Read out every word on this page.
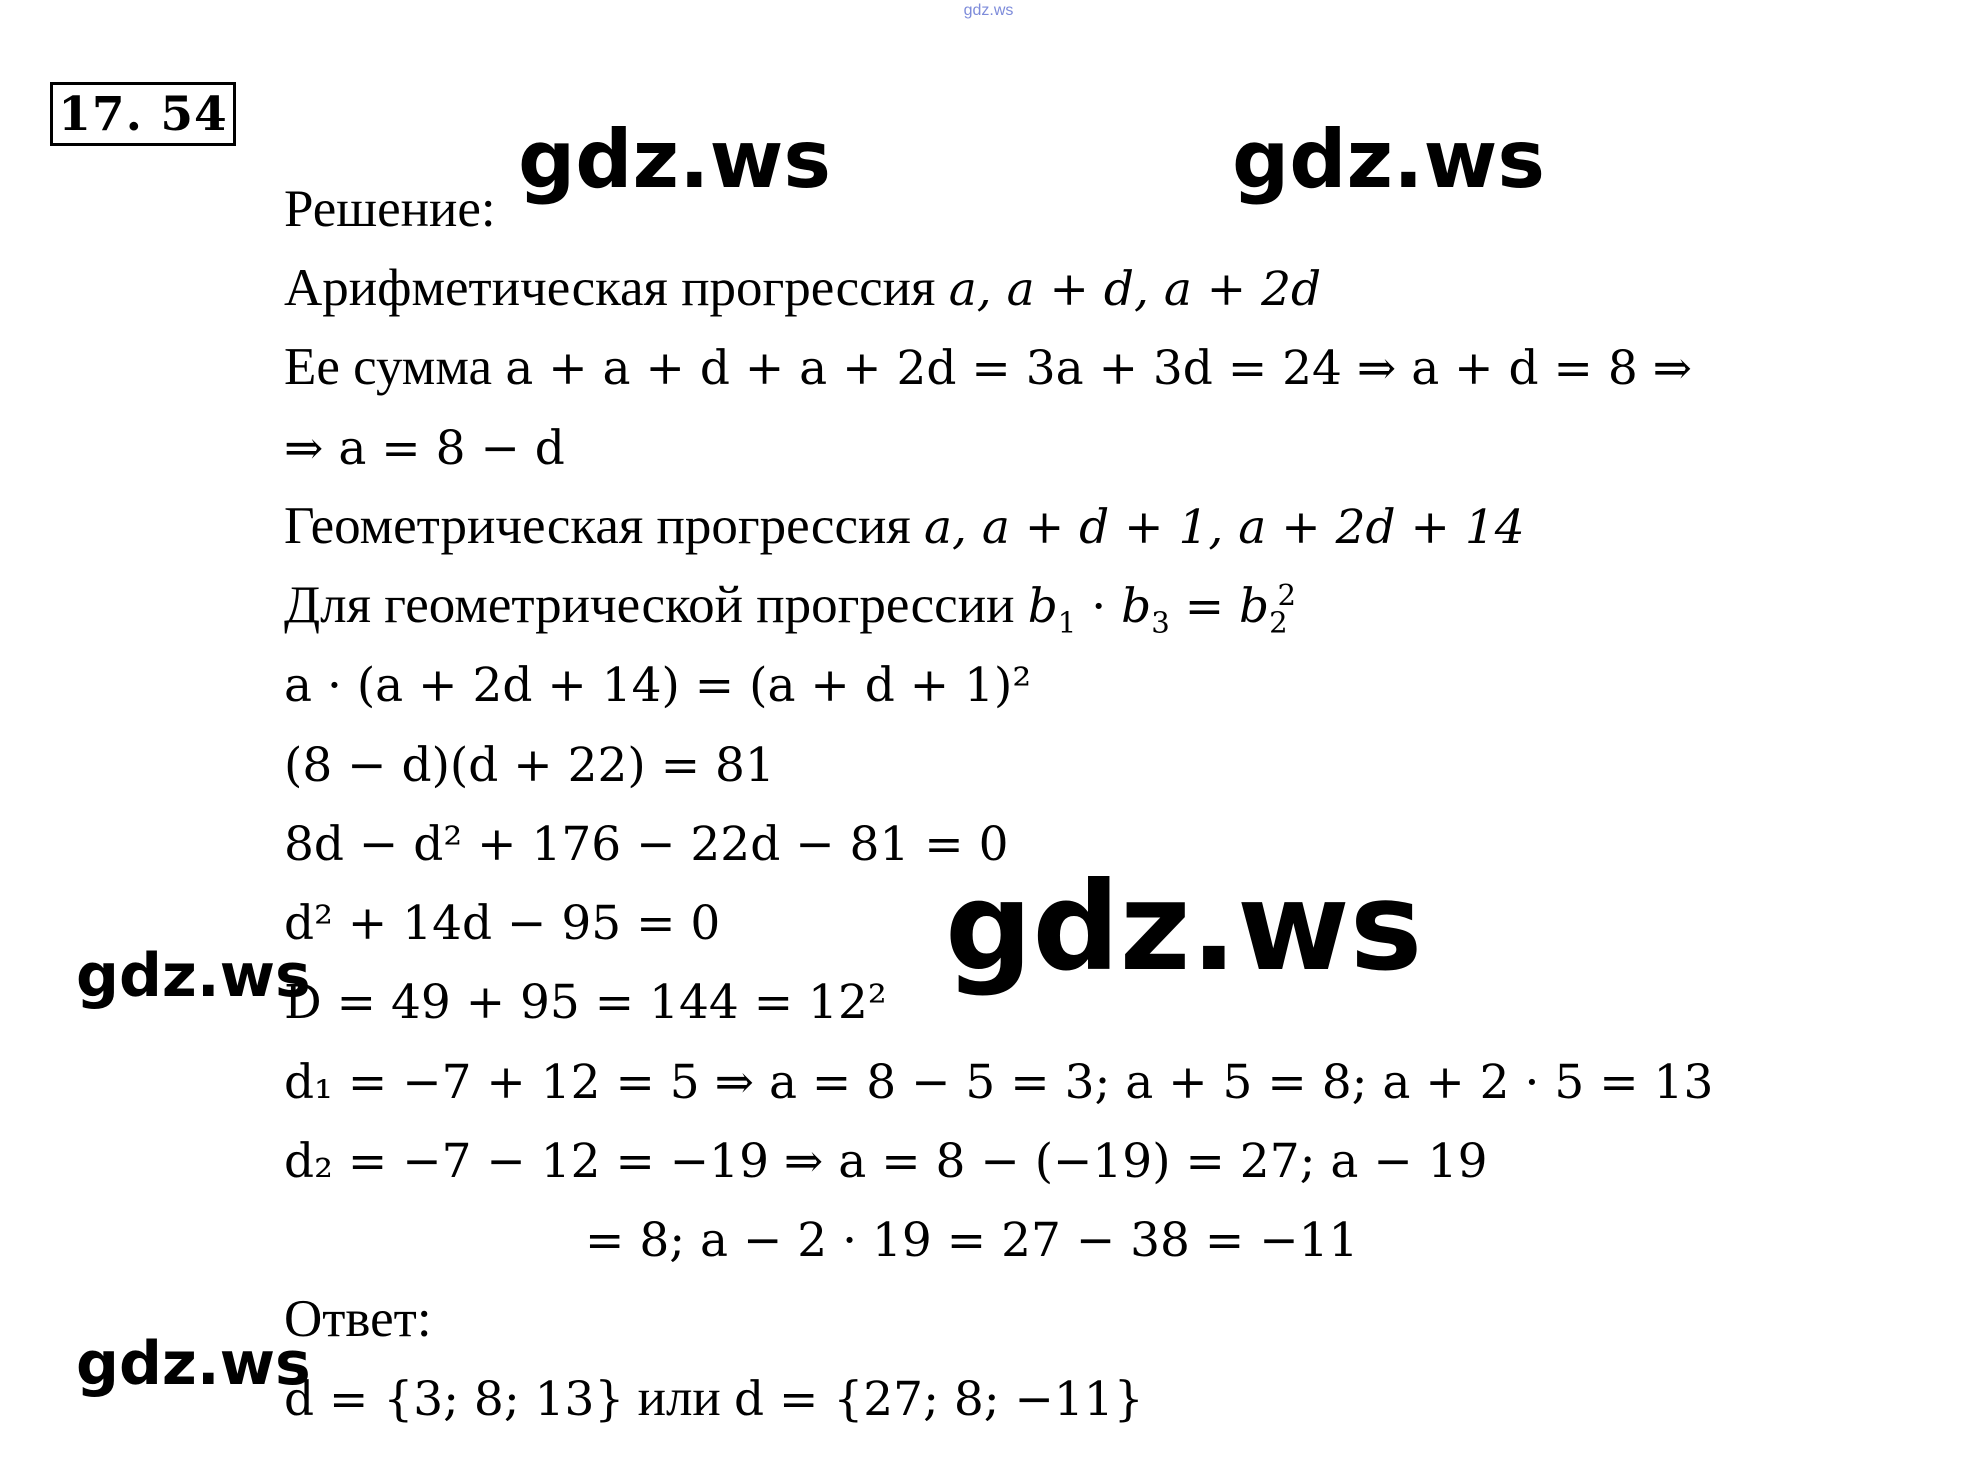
gdz.ws
17. 54
Решение:
Арифметическая прогрессия a, a + d, a + 2d
Ее сумма a + a + d + a + 2d = 3a + 3d = 24 ⇒ a + d = 8 ⇒
⇒ a = 8 − d
Геометрическая прогрессия a, a + d + 1, a + 2d + 14
Для геометрической прогрессии $b_1 \cdot b_3 = b_2^2$
a · (a + 2d + 14) = (a + d + 1)²
(8 − d)(d + 22) = 81
8d − d² + 176 − 22d − 81 = 0
d² + 14d − 95 = 0
D = 49 + 95 = 144 = 12²
d₁ = −7 + 12 = 5 ⇒ a = 8 − 5 = 3; a + 5 = 8; a + 2 · 5 = 13
d₂ = −7 − 12 = −19 ⇒ a = 8 − (−19) = 27; a − 19
= 8; a − 2 · 19 = 27 − 38 = −11
Ответ:
d = {3; 8; 13} или d = {27; 8; −11}
gdz.ws	gdz.ws
gdz.ws
gdz.ws
gdz.ws
